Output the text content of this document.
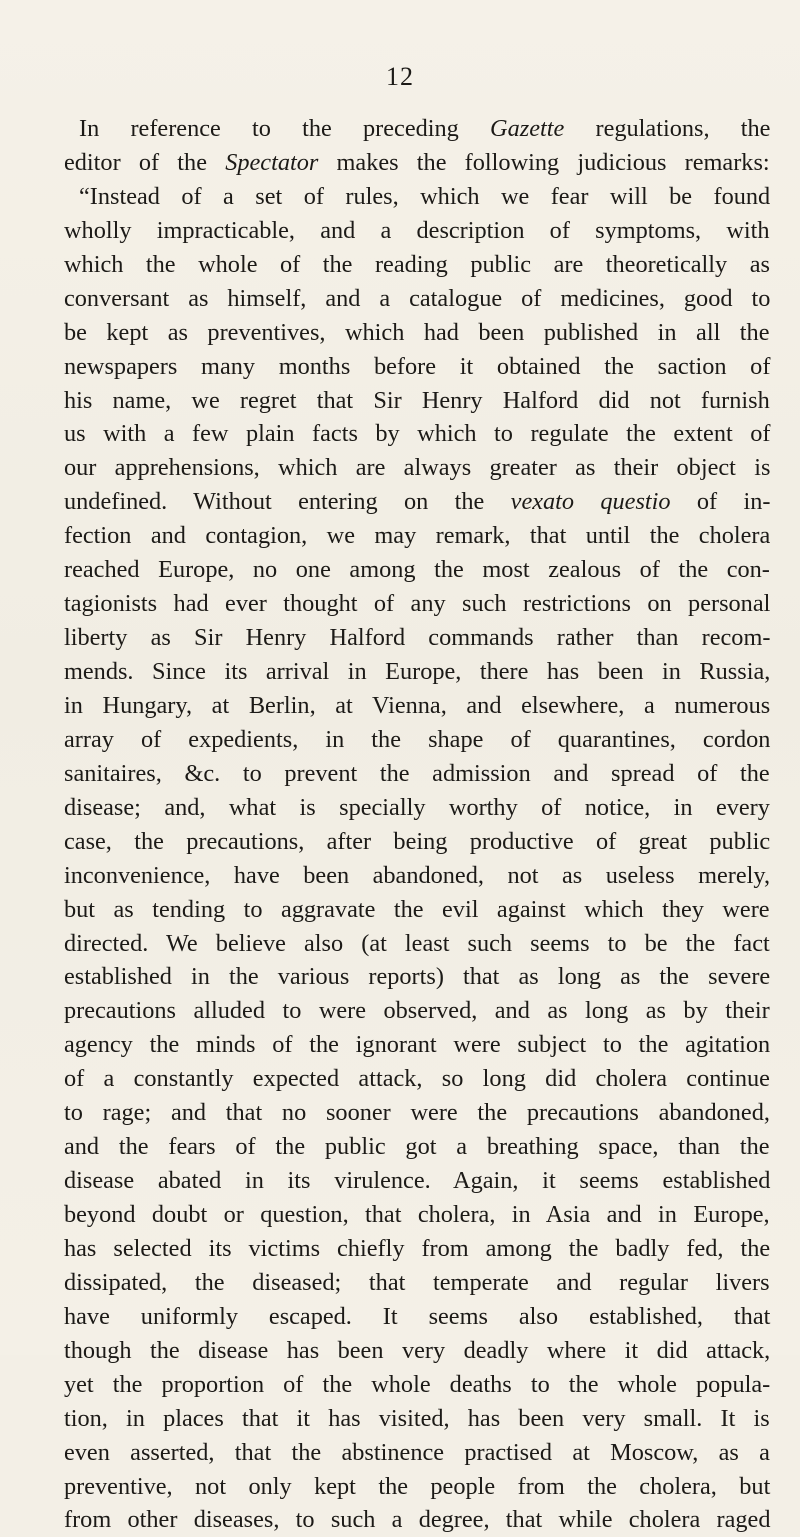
12
In reference to the preceding Gazette regulations, the
editor of the Spectator makes the following judicious remarks:
“Instead of a set of rules, which we fear will be found
wholly impracticable, and a description of symptoms, with
which the whole of the reading public are theoretically as
conversant as himself, and a catalogue of medicines, good to
be kept as preventives, which had been published in all the
newspapers many months before it obtained the saction of
his name, we regret that Sir Henry Halford did not furnish
us with a few plain facts by which to regulate the extent of
our apprehensions, which are always greater as their object is
undefined. Without entering on the vexato questio of in-
fection and contagion, we may remark, that until the cholera
reached Europe, no one among the most zealous of the con-
tagionists had ever thought of any such restrictions on personal
liberty as Sir Henry Halford commands rather than recom-
mends. Since its arrival in Europe, there has been in Russia,
in Hungary, at Berlin, at Vienna, and elsewhere, a numerous
array of expedients, in the shape of quarantines, cordon
sanitaires, &c. to prevent the admission and spread of the
disease; and, what is specially worthy of notice, in every
case, the precautions, after being productive of great public
inconvenience, have been abandoned, not as useless merely,
but as tending to aggravate the evil against which they were
directed. We believe also (at least such seems to be the fact
established in the various reports) that as long as the severe
precautions alluded to were observed, and as long as by their
agency the minds of the ignorant were subject to the agitation
of a constantly expected attack, so long did cholera continue
to rage; and that no sooner were the precautions abandoned,
and the fears of the public got a breathing space, than the
disease abated in its virulence. Again, it seems established
beyond doubt or question, that cholera, in Asia and in Europe,
has selected its victims chiefly from among the badly fed, the
dissipated, the diseased; that temperate and regular livers
have uniformly escaped. It seems also established, that
though the disease has been very deadly where it did attack,
yet the proportion of the whole deaths to the whole popula-
tion, in places that it has visited, has been very small. It is
even asserted, that the abstinence practised at Moscow, as a
preventive, not only kept the people from the cholera, but
from other diseases, to such a degree, that while cholera raged
